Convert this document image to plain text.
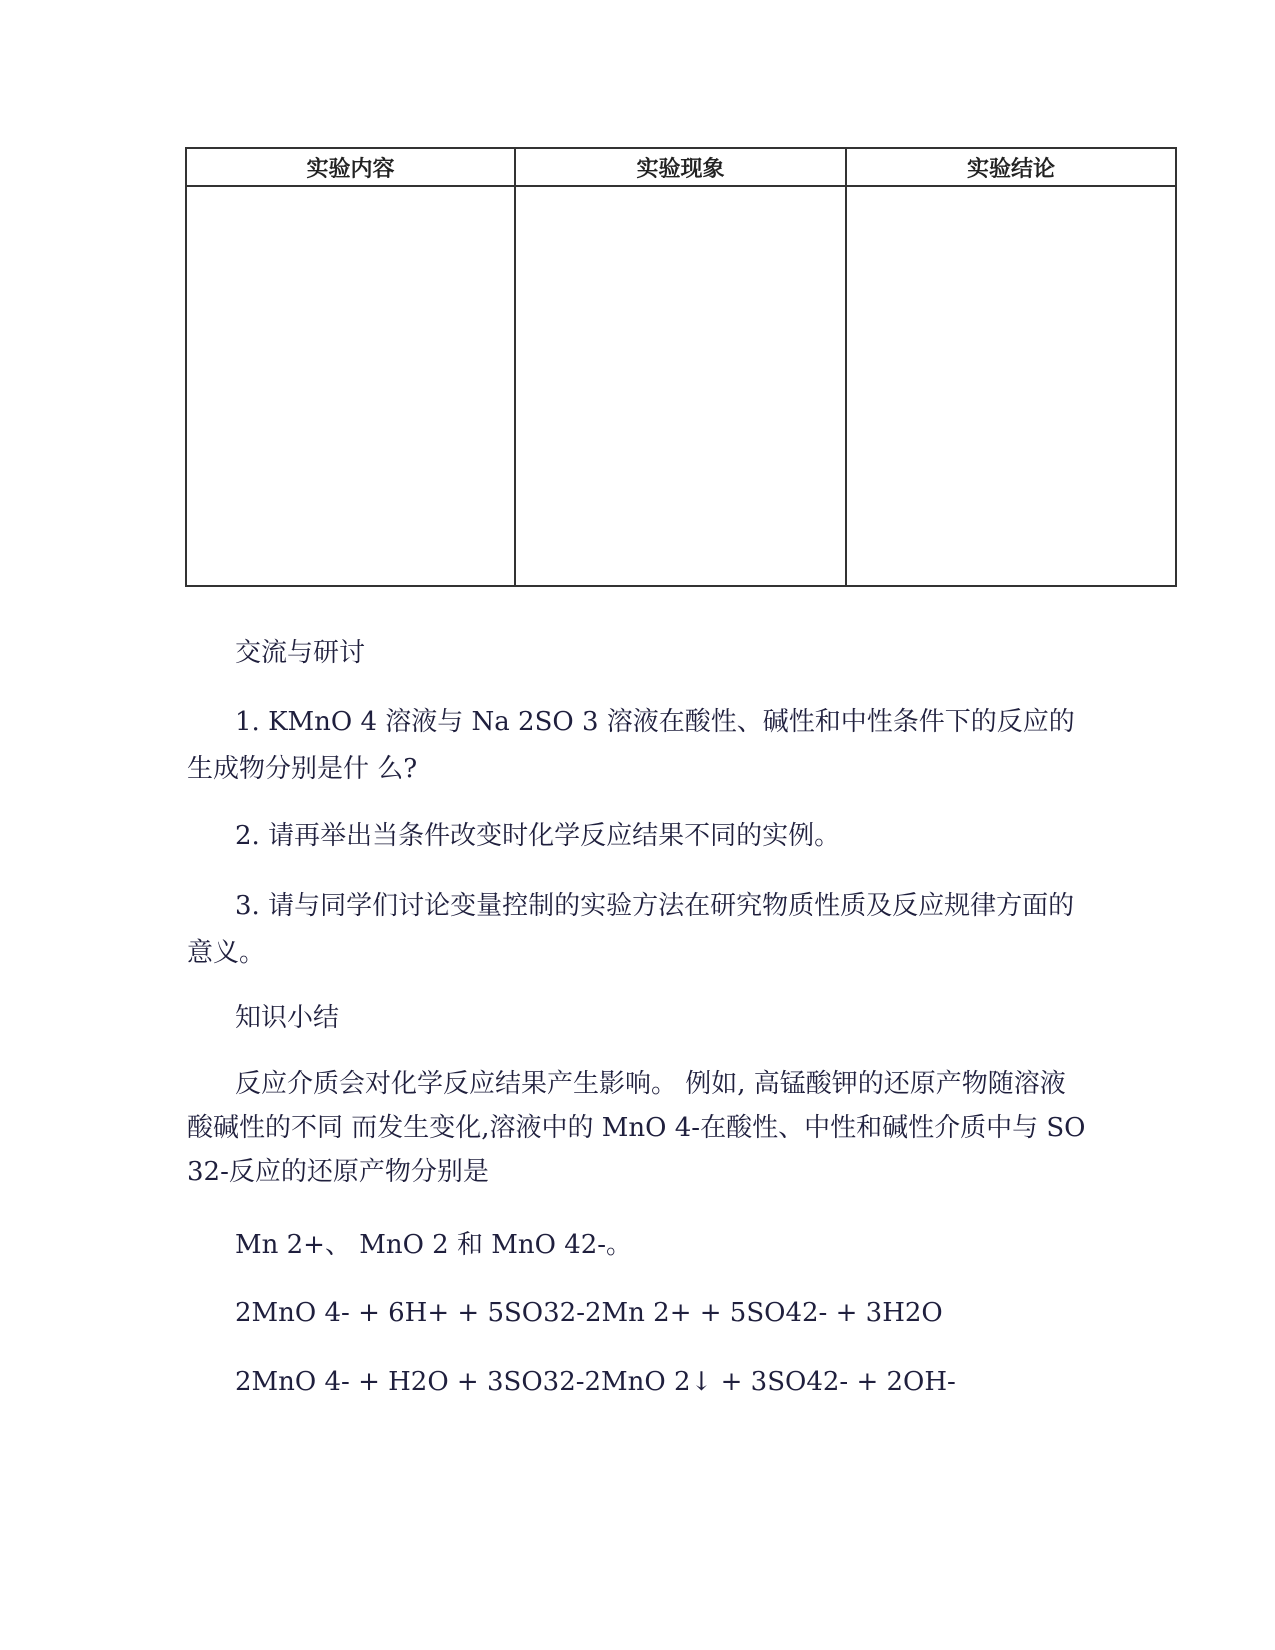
实验内容	实验现象	实验结论

交流与研讨

1. KMnO 4 溶液与 Na 2SO 3 溶液在酸性、碱性和中性条件下的反应的生成物分别是什 么?

2. 请再举出当条件改变时化学反应结果不同的实例。

3. 请与同学们讨论变量控制的实验方法在研究物质性质及反应规律方面的意义。

知识小结

反应介质会对化学反应结果产生影响。 例如, 高锰酸钾的还原产物随溶液酸碱性的不同 而发生变化,溶液中的 MnO 4-在酸性、中性和碱性介质中与 SO 32-反应的还原产物分别是

Mn 2+、 MnO 2 和 MnO 42-。

2MnO 4- + 6H+ + 5SO32-2Mn 2+ + 5SO42- + 3H2O

2MnO 4- + H2O + 3SO32-2MnO 2↓ + 3SO42- + 2OH-
